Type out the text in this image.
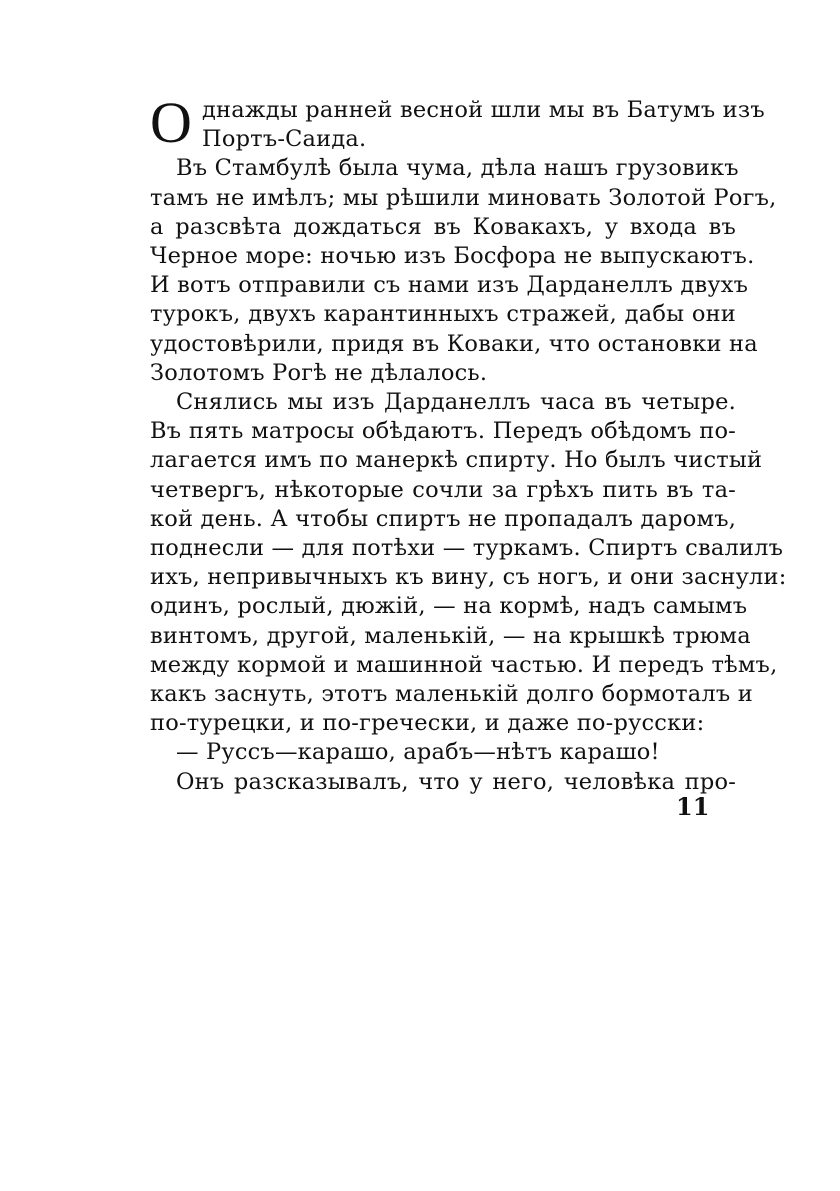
О днажды ранней весной шли мы въ Батумъ изъ
Портъ-Саида.
Въ Стамбулѣ была чума, дѣла нашъ грузовикъ
тамъ не имѣлъ; мы рѣшили миновать Золотой Рогъ,
а разсвѣта дождаться въ Ковакахъ, у входа въ
Черное море: ночью изъ Босфора не выпускаютъ.
И вотъ отправили съ нами изъ Дарданеллъ двухъ
турокъ, двухъ карантинныхъ стражей, дабы они
удостовѣрили, придя въ Коваки, что остановки на
Золотомъ Рогѣ не дѣлалось.
Снялись мы изъ Дарданеллъ часа въ четыре.
Въ пять матросы обѣдаютъ. Передъ обѣдомъ по-
лагается имъ по манеркѣ спирту. Но былъ чистый
четвергъ, нѣкоторые сочли за грѣхъ пить въ та-
кой день. А чтобы спиртъ не пропадалъ даромъ,
поднесли — для потѣхи — туркамъ. Спиртъ свалилъ
ихъ, непривычныхъ къ вину, съ ногъ, и они заснули:
одинъ, рослый, дюжій, — на кормѣ, надъ самымъ
винтомъ, другой, маленькій, — на крышкѣ трюма
между кормой и машинной частью. И передъ тѣмъ,
какъ заснуть, этотъ маленькій долго бормоталъ и
по-турецки, и по-гречески, и даже по-русски:
— Руссъ—карашо, арабъ—нѣтъ карашо!
Онъ разсказывалъ, что у него, человѣка про-
11
